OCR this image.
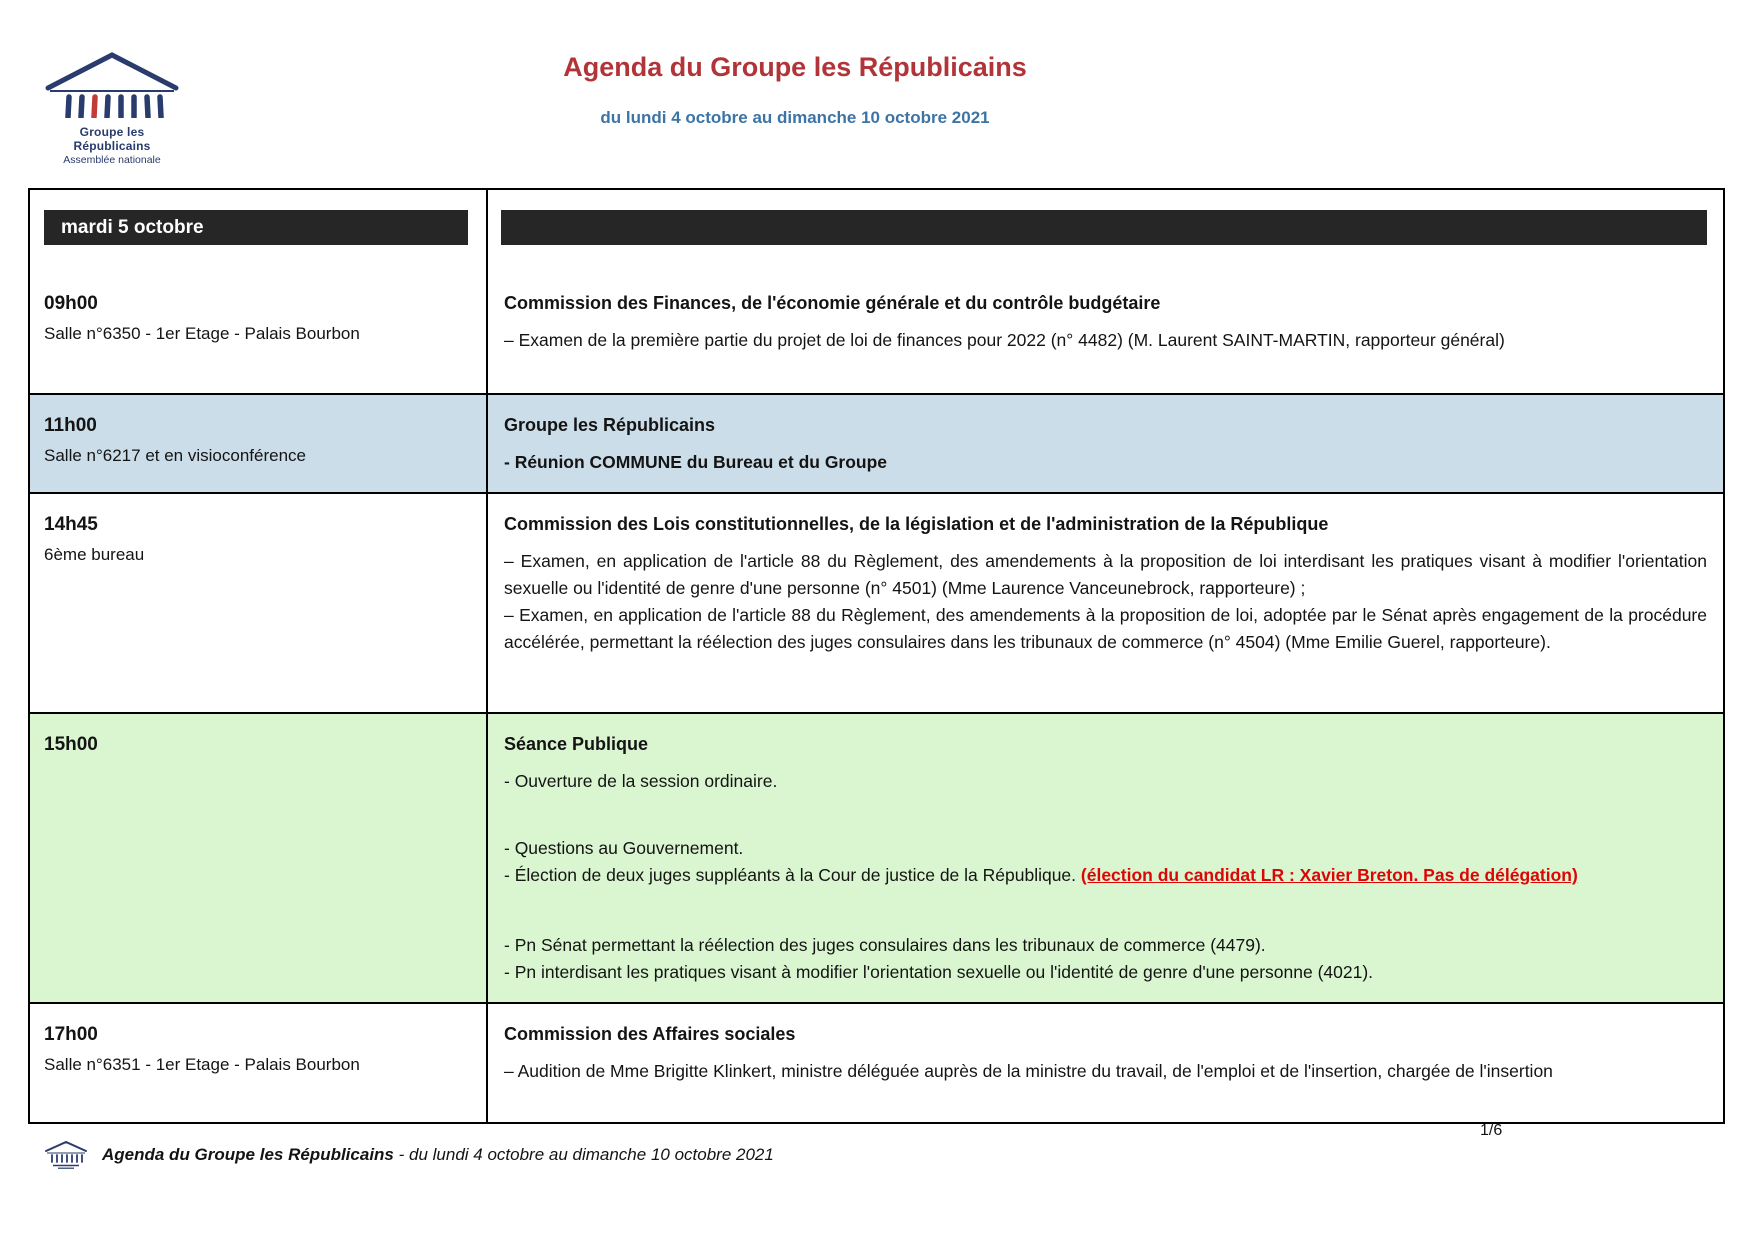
Groupe les Républicains
Assemblée nationale
Agenda du Groupe les Républicains
du lundi 4 octobre au dimanche 10 octobre 2021
mardi 5 octobre
09h00
Salle n°6350 - 1er Etage - Palais Bourbon
Commission des Finances, de l'économie générale et du contrôle budgétaire

– Examen de la première partie du projet de loi de finances pour 2022 (n° 4482) (M. Laurent SAINT-MARTIN, rapporteur général)

11h00
Salle n°6217 et en visioconférence
Groupe les Républicains

- Réunion COMMUNE du Bureau et du Groupe

14h45
6ème bureau
Commission des Lois constitutionnelles, de la législation et de l'administration de la République

– Examen, en application de l'article 88 du Règlement, des amendements à la proposition de loi interdisant les pratiques visant à modifier l'orientation sexuelle ou l'identité de genre d'une personne (n° 4501) (Mme Laurence Vanceunebrock, rapporteure) ;

– Examen, en application de l'article 88 du Règlement, des amendements à la proposition de loi, adoptée par le Sénat après engagement de la procédure accélérée, permettant la réélection des juges consulaires dans les tribunaux de commerce (n° 4504) (Mme Emilie Guerel, rapporteure).

15h00	Séance Publique

- Ouverture de la session ordinaire.

- Questions au Gouvernement.

- Élection de deux juges suppléants à la Cour de justice de la République. (élection du candidat LR : Xavier Breton. Pas de délégation)

- Pn Sénat permettant la réélection des juges consulaires dans les tribunaux de commerce (4479).

- Pn interdisant les pratiques visant à modifier l'orientation sexuelle ou l'identité de genre d'une personne (4021).

17h00
Salle n°6351 - 1er Etage - Palais Bourbon
Commission des Affaires sociales

– Audition de Mme Brigitte Klinkert, ministre déléguée auprès de la ministre du travail, de l'emploi et de l'insertion, chargée de l'insertion

Agenda du Groupe les Républicains - du lundi 4 octobre au dimanche 10 octobre 2021
1/6
